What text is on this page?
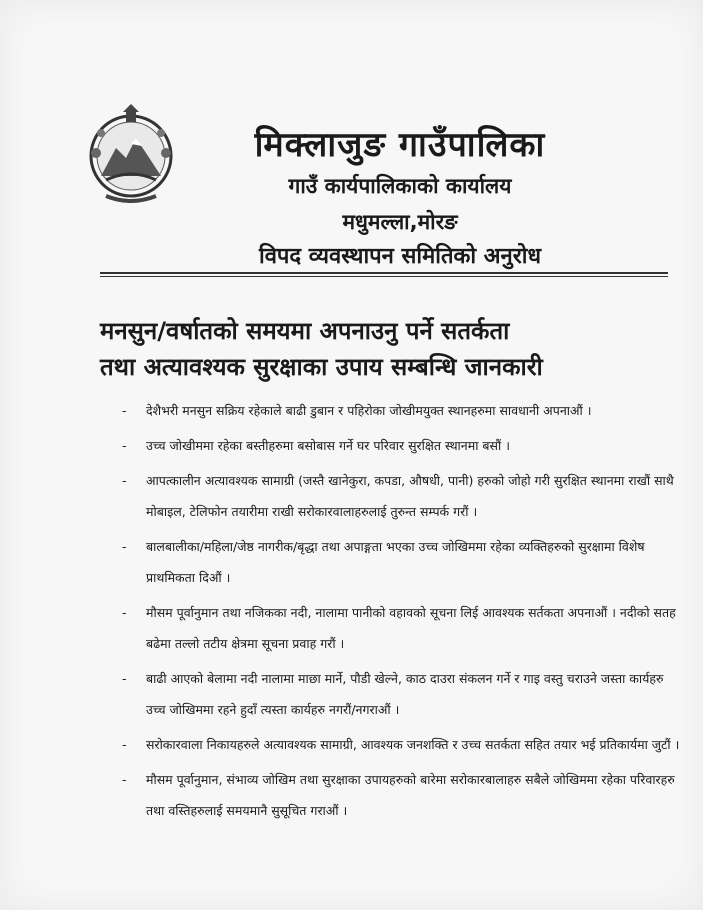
मिक्लाजुङ गाउँपालिका
गाउँ कार्यपालिकाको कार्यालय
मधुमल्ला,मोरङ
विपद व्यवस्थापन समितिको अनुरोध
मनसुन/वर्षातको समयमा अपनाउनु पर्ने सतर्कता
तथा अत्यावश्यक सुरक्षाका उपाय सम्बन्धि जानकारी
- देशैभरी मनसुन सक्रिय रहेकाले बाढी डुबान र पहिरोका जोखीमयुक्त स्थानहरुमा सावधानी अपनाऔं ।
- उच्च जोखीममा रहेका बस्तीहरुमा बसोबास गर्ने घर परिवार सुरक्षित स्थानमा बसौं ।
- आपत्कालीन अत्यावश्यक सामाग्री (जस्तै खानेकुरा, कपडा, औषधी, पानी) हरुको जोहो गरी सुरक्षित स्थानमा राखौं साथै मोबाइल, टेलिफोन तयारीमा राखी सरोकारवालाहरुलाई तुरुन्त सम्पर्क गरौं ।
- बालबालीका/महिला/जेष्ठ नागरीक/बृद्धा तथा अपाङ्गता भएका उच्च जोखिममा रहेका व्यक्तिहरुको सुरक्षामा विशेष प्राथमिकता दिऔं ।
- मौसम पूर्वानुमान तथा नजिकका नदी, नालामा पानीको वहावको सूचना लिई आवश्यक सर्तकता अपनाऔं । नदीको सतह बढेमा तल्लो तटीय क्षेत्रमा सूचना प्रवाह गरौं ।
- बाढी आएको बेलामा नदी नालामा माछा मार्ने, पौडी खेल्ने, काठ दाउरा संकलन गर्ने र गाइ वस्तु चराउने जस्ता कार्यहरु उच्च जोखिममा रहने हुदाँ त्यस्ता कार्यहरु नगरौं/नगराऔं ।
- सरोकारवाला निकायहरुले अत्यावश्यक सामाग्री, आवश्यक जनशक्ति र उच्च सतर्कता सहित तयार भई प्रतिकार्यमा जुटौं ।
- मौसम पूर्वानुमान, संभाव्य जोखिम तथा सुरक्षाका उपायहरुको बारेमा सरोकारबालाहरु सबैले जोखिममा रहेका परिवारहरु तथा वस्तिहरुलाई समयमानै सुसूचित गराऔं ।
